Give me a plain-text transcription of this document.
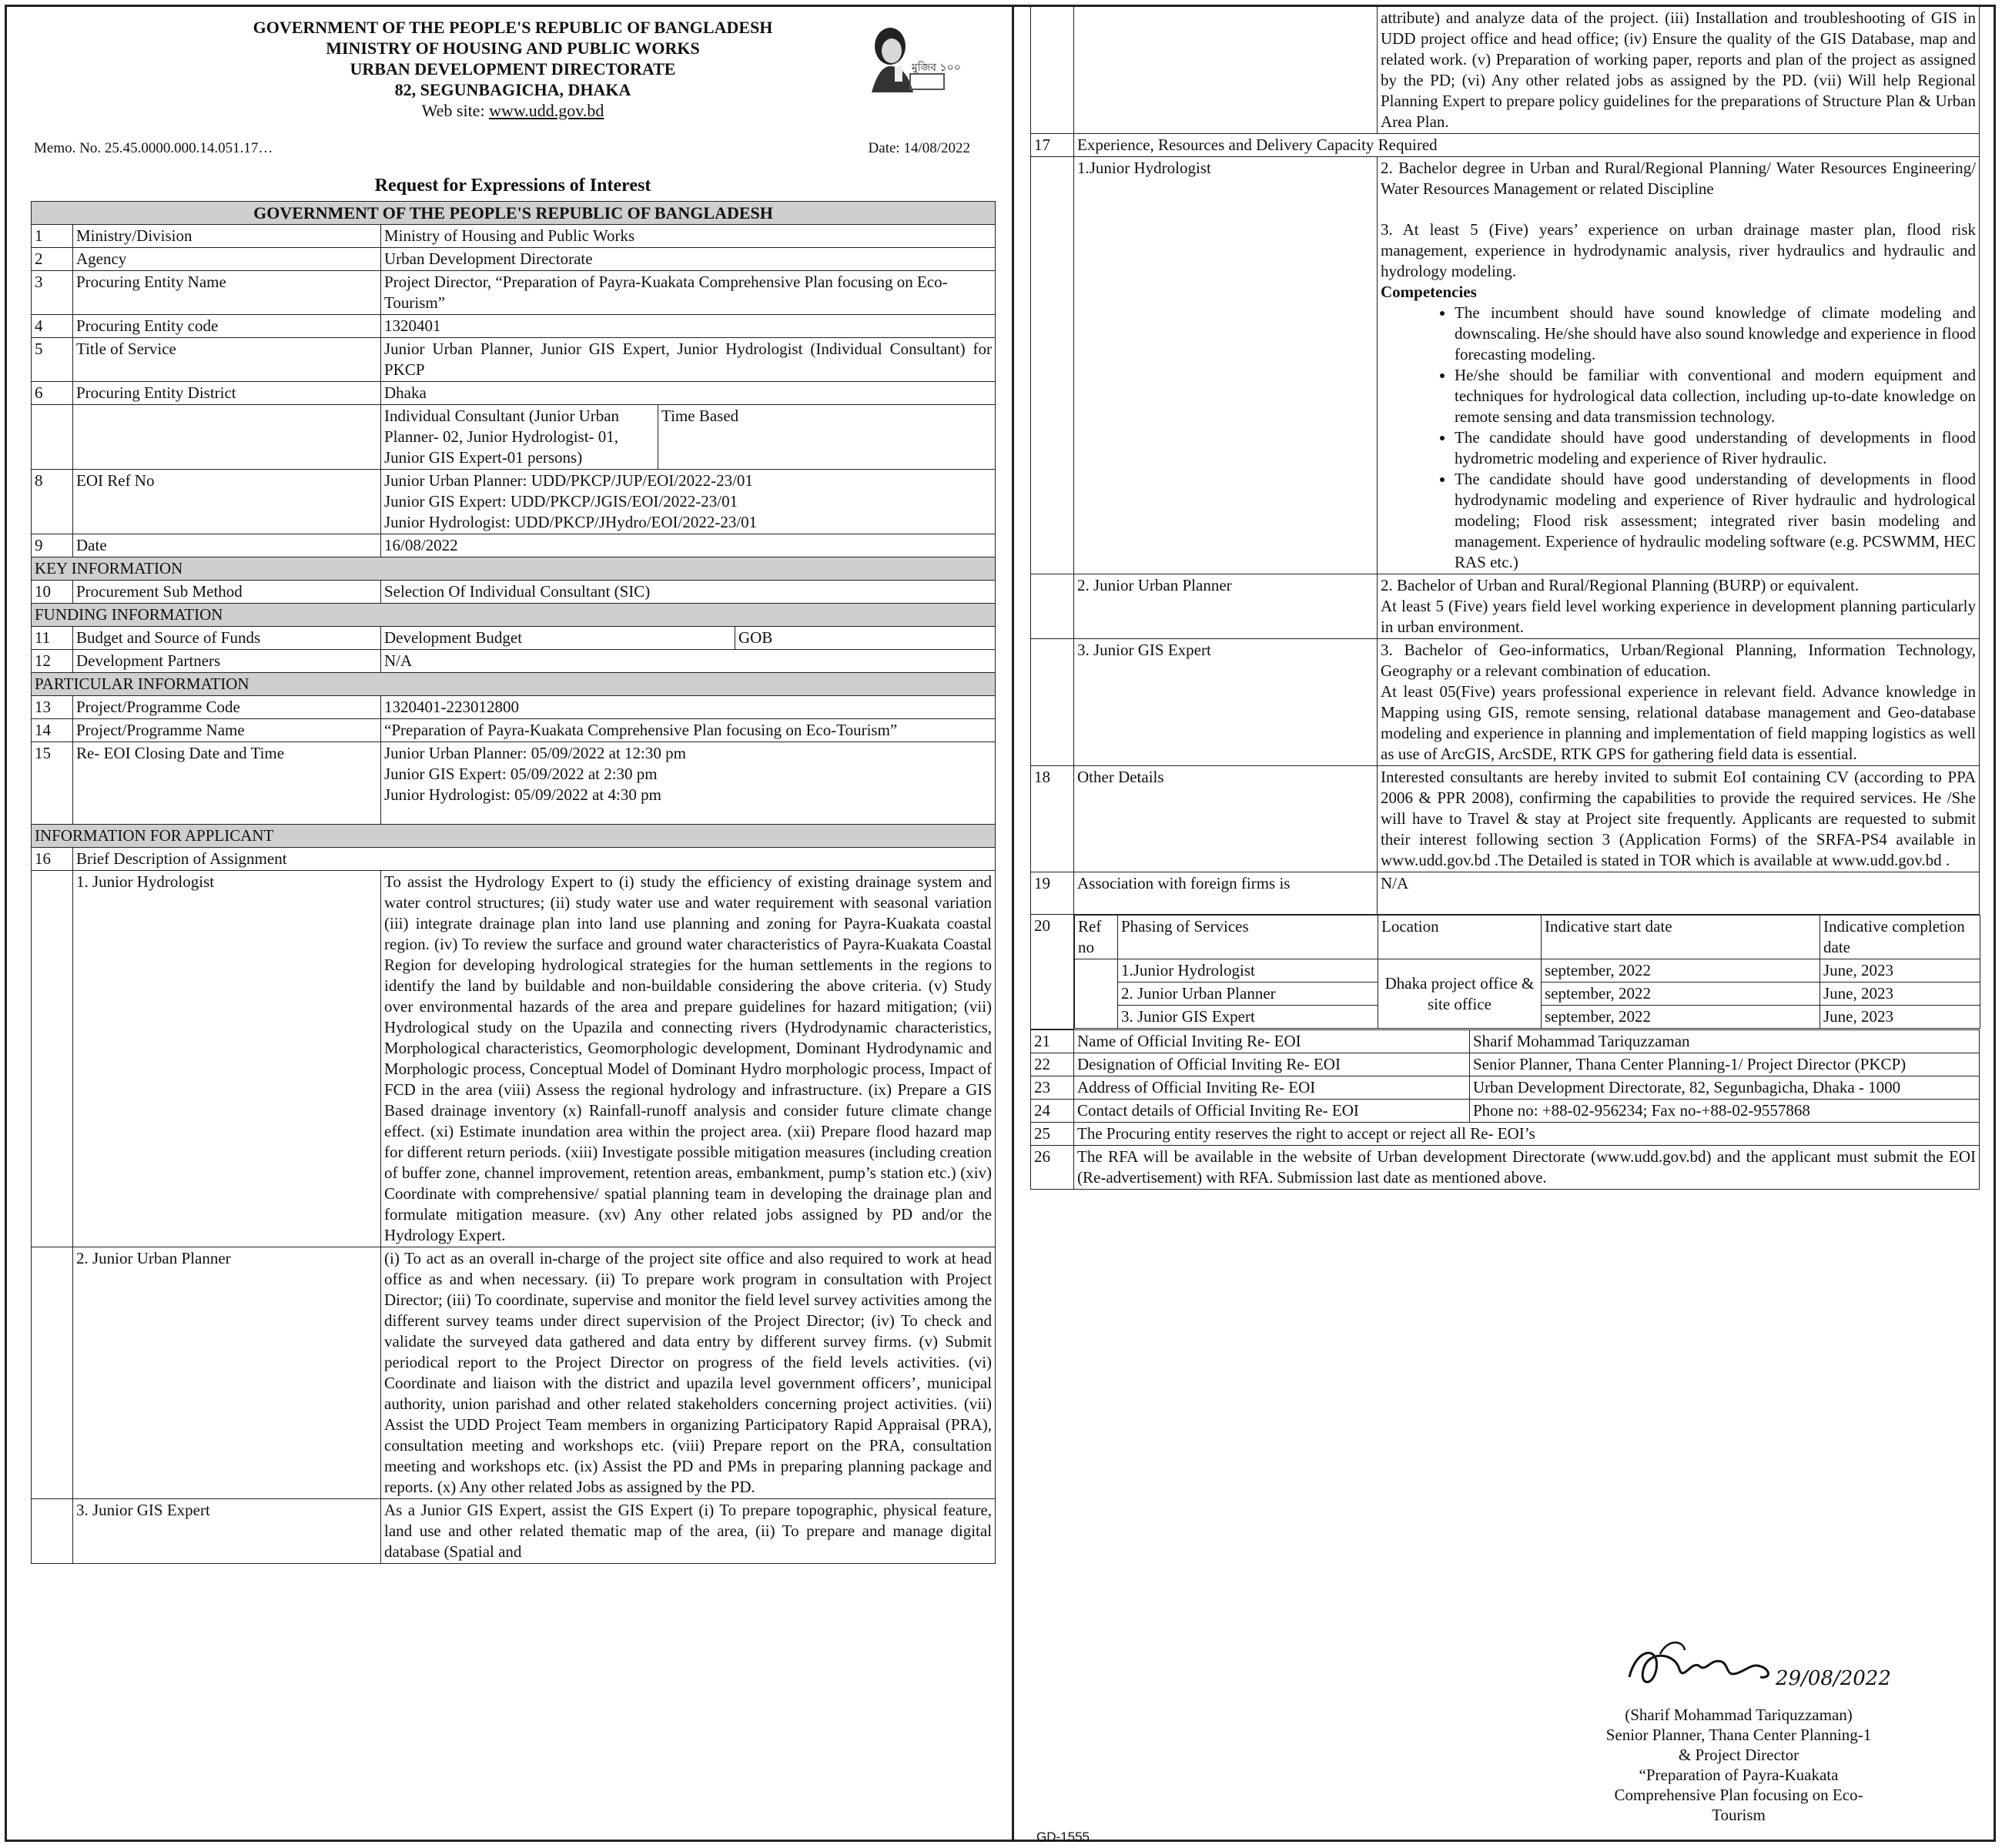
GOVERNMENT OF THE PEOPLE'S REPUBLIC OF BANGLADESH
MINISTRY OF HOUSING AND PUBLIC WORKS
URBAN DEVELOPMENT DIRECTORATE
82, SEGUNBAGICHA, DHAKA
Web site: www.udd.gov.bd
মুজিব ১০০
Memo. No. 25.45.0000.000.14.051.17…	Date: 14/08/2022
Request for Expressions of Interest
GOVERNMENT OF THE PEOPLE'S REPUBLIC OF BANGLADESH				
1	Ministry/Division	Ministry of Housing and Public Works		
2	Agency	Urban Development Directorate		
3	Procuring Entity Name	Project Director, “Preparation of Payra-Kuakata Comprehensive Plan focusing on Eco-Tourism”		
4	Procuring Entity code	1320401		
5	Title of Service	Junior Urban Planner, Junior GIS Expert, Junior Hydrologist (Individual Consultant) for PKCP		
6	Procuring Entity District	Dhaka		
		Individual Consultant (Junior Urban Planner- 02, Junior Hydrologist- 01, Junior GIS Expert-01 persons)	Time Based	
8	EOI Ref No	Junior Urban Planner: UDD/PKCP/JUP/EOI/2022-23/01
Junior GIS Expert: UDD/PKCP/JGIS/EOI/2022-23/01
Junior Hydrologist: UDD/PKCP/JHydro/EOI/2022-23/01		

9	Date	16/08/2022		
KEY INFORMATION				
10	Procurement Sub Method	Selection Of Individual Consultant (SIC)		
FUNDING INFORMATION				
11	Budget and Source of Funds	Development Budget		GOB
12	Development Partners	N/A		
PARTICULAR INFORMATION				
13	Project/Programme Code	1320401-223012800		
14	Project/Programme Name	“Preparation of Payra-Kuakata Comprehensive Plan focusing on Eco-Tourism”		
15	Re- EOI Closing Date and Time	Junior Urban Planner: 05/09/2022 at 12:30 pm
Junior GIS Expert: 05/09/2022 at 2:30 pm
Junior Hydrologist: 05/09/2022 at 4:30 pm		

INFORMATION FOR APPLICANT				
16	Brief Description of Assignment			
	1. Junior Hydrologist	To assist the Hydrology Expert to (i) study the efficiency of existing drainage system and water control structures; (ii) study water use and water requirement with seasonal variation (iii) integrate drainage plan into land use planning and zoning for Payra-Kuakata coastal region. (iv) To review the surface and ground water characteristics of Payra-Kuakata Coastal Region for developing hydrological strategies for the human settlements in the regions to identify the land by buildable and non-buildable considering the above criteria. (v) Study over environmental hazards of the area and prepare guidelines for hazard mitigation; (vii) Hydrological study on the Upazila and connecting rivers (Hydrodynamic characteristics, Morphological characteristics, Geomorphologic development, Dominant Hydrodynamic and Morphologic process, Conceptual Model of Dominant Hydro morphologic process, Impact of FCD in the area (viii) Assess the regional hydrology and infrastructure. (ix) Prepare a GIS Based drainage inventory (x) Rainfall-runoff analysis and consider future climate change effect. (xi) Estimate inundation area within the project area. (xii) Prepare flood hazard map for different return periods. (xiii) Investigate possible mitigation measures (including creation of buffer zone, channel improvement, retention areas, embankment, pump’s station etc.) (xiv) Coordinate with comprehensive/ spatial planning team in developing the drainage plan and formulate mitigation measure. (xv) Any other related jobs assigned by PD and/or the Hydrology Expert.		
	2. Junior Urban Planner	(i) To act as an overall in-charge of the project site office and also required to work at head office as and when necessary. (ii) To prepare work program in consultation with Project Director; (iii) To coordinate, supervise and monitor the field level survey activities among the different survey teams under direct supervision of the Project Director; (iv) To check and validate the surveyed data gathered and data entry by different survey firms. (v) Submit periodical report to the Project Director on progress of the field levels activities. (vi) Coordinate and liaison with the district and upazila level government officers’, municipal authority, union parishad and other related stakeholders concerning project activities. (vii) Assist the UDD Project Team members in organizing Participatory Rapid Appraisal (PRA), consultation meeting and workshops etc. (viii) Prepare report on the PRA, consultation meeting and workshops etc. (ix) Assist the PD and PMs in preparing planning package and reports. (x) Any other related Jobs as assigned by the PD.		
	3. Junior GIS Expert	As a Junior GIS Expert, assist the GIS Expert (i) To prepare topographic, physical feature, land use and other related thematic map of the area, (ii) To prepare and manage digital database (Spatial and		
		attribute) and analyze data of the project. (iii) Installation and troubleshooting of GIS in UDD project office and head office; (iv) Ensure the quality of the GIS Database, map and related work. (v) Preparation of working paper, reports and plan of the project as assigned by the PD; (vi) Any other related jobs as assigned by the PD. (vii) Will help Regional Planning Expert to prepare policy guidelines for the preparations of Structure Plan & Urban Area Plan.
17	Experience, Resources and Delivery Capacity Required
	1.Junior Hydrologist	2. Bachelor degree in Urban and Rural/Regional Planning/ Water Resources Engineering/ Water Resources Management or related Discipline
3. At least 5 (Five) years’ experience on urban drainage master plan, flood risk management, experience in hydrodynamic analysis, river hydraulics and hydraulic and hydrology modeling.
Competencies
• The incumbent should have sound knowledge of climate modeling and downscaling. He/she should have also sound knowledge and experience in flood forecasting modeling.
• He/she should be familiar with conventional and modern equipment and techniques for hydrological data collection, including up-to-date knowledge on remote sensing and data transmission technology.
• The candidate should have good understanding of developments in flood hydrometric modeling and experience of River hydraulic.
• The candidate should have good understanding of developments in flood hydrodynamic modeling and experience of River hydraulic and hydrological modeling; Flood risk assessment; integrated river basin modeling and management. Experience of hydraulic modeling software (e.g. PCSWMM, HEC RAS etc.)

	2. Junior Urban Planner	2. Bachelor of Urban and Rural/Regional Planning (BURP) or equivalent.
At least 5 (Five) years field level working experience in development planning particularly in urban environment.

	3. Junior GIS Expert	3. Bachelor of Geo-informatics, Urban/Regional Planning, Information Technology, Geography or a relevant combination of education.
At least 05(Five) years professional experience in relevant field. Advance knowledge in Mapping using GIS, remote sensing, relational database management and Geo-database modeling and experience in planning and implementation of field mapping logistics as well as use of ArcGIS, ArcSDE, RTK GPS for gathering field data is essential.

18	Other Details	Interested consultants are hereby invited to submit EoI containing CV (according to PPA 2006 & PPR 2008), confirming the capabilities to provide the required services. He /She will have to Travel & stay at Project site frequently. Applicants are requested to submit their interest following section 3 (Application Forms) of the SRFA-PS4 available in www.udd.gov.bd .The Detailed is stated in TOR which is available at www.udd.gov.bd .
19	Association with foreign firms is	N/A
20	Ref no	Phasing of Services	Location	Indicative start date	Indicative completion date
	1.Junior Hydrologist	Dhaka project office & site office	september, 2022	June, 2023
2. Junior Urban Planner	september, 2022	June, 2023
3. Junior GIS Expert	september, 2022	June, 2023
21	Name of Official Inviting Re- EOI	Sharif Mohammad Tariquzzaman
22	Designation of Official Inviting Re- EOI	Senior Planner, Thana Center Planning-1/ Project Director (PKCP)
23	Address of Official Inviting Re- EOI	Urban Development Directorate, 82, Segunbagicha, Dhaka - 1000
24	Contact details of Official Inviting Re- EOI	Phone no: +88-02-956234; Fax no-+88-02-9557868
25	The Procuring entity reserves the right to accept or reject all Re- EOI’s	
26	The RFA will be available in the website of Urban development Directorate (www.udd.gov.bd) and the applicant must submit the EOI (Re-advertisement) with RFA. Submission last date as mentioned above.	
29/08/2022
(Sharif Mohammad Tariquzzaman)
Senior Planner, Thana Center Planning-1
& Project Director
“Preparation of Payra-Kuakata
Comprehensive Plan focusing on Eco-
Tourism
GD-1555
